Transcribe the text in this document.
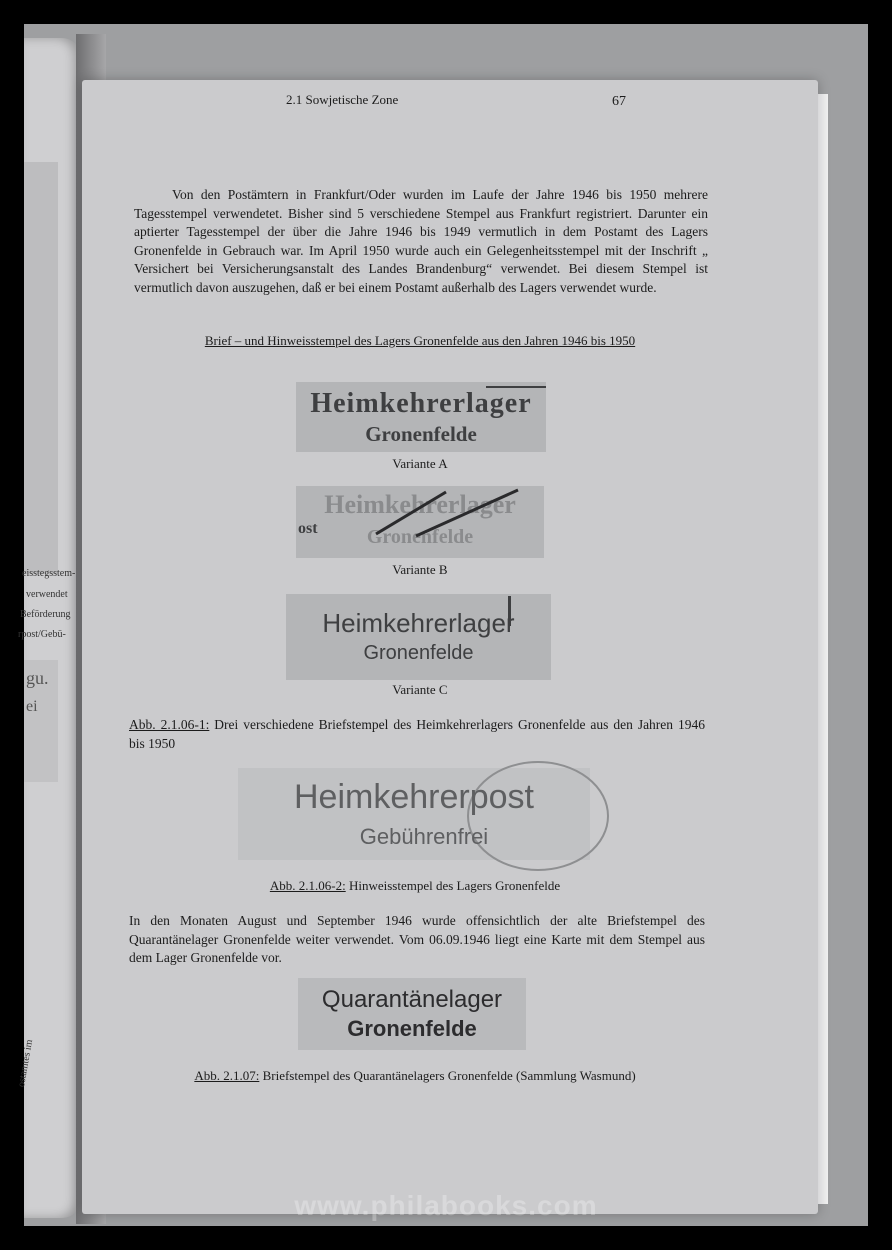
eisstegsstem-
verwendet
Beförderung
rpost/Gebü-
gu.
ei
ostamtes im
2.1 Sowjetische Zone	67
Von den Postämtern in Frankfurt/Oder wurden im Laufe der Jahre 1946 bis 1950 mehrere Tagesstempel verwendetet. Bisher sind 5 verschiedene Stempel aus Frankfurt registriert. Darunter ein aptierter Tagesstempel der über die Jahre 1946 bis 1949 vermutlich in dem Postamt des Lagers Gronenfelde in Gebrauch war. Im April 1950 wurde auch ein Gelegenheitsstempel mit der Inschrift „ Versichert bei Versicherungsanstalt des Landes Brandenburg“ verwendet. Bei diesem Stempel ist vermutlich davon auszugehen, daß er bei einem Postamt außerhalb des Lagers verwendet wurde.
Brief – und Hinweisstempel des Lagers Gronenfelde aus den Jahren 1946 bis 1950
Heimkehrerlager
Gronenfelde
Variante A
ost
Heimkehrerlager
Gronenfelde
Variante B
Heimkehrerlager
Gronenfelde
Variante C
Abb. 2.1.06-1: Drei verschiedene Briefstempel des Heimkehrerlagers Gronenfelde aus den Jahren 1946 bis 1950
Heimkehrerpost
Gebührenfrei
Abb. 2.1.06-2: Hinweisstempel des Lagers Gronenfelde
In den Monaten August und September 1946 wurde offensichtlich der alte Briefstempel des Quarantänelager Gronenfelde weiter verwendet. Vom 06.09.1946 liegt eine Karte mit dem Stempel aus dem Lager Gronenfelde vor.
Quarantänelager
Gronenfelde
Abb. 2.1.07: Briefstempel des Quarantänelagers Gronenfelde (Sammlung Wasmund)
www.philabooks.com
